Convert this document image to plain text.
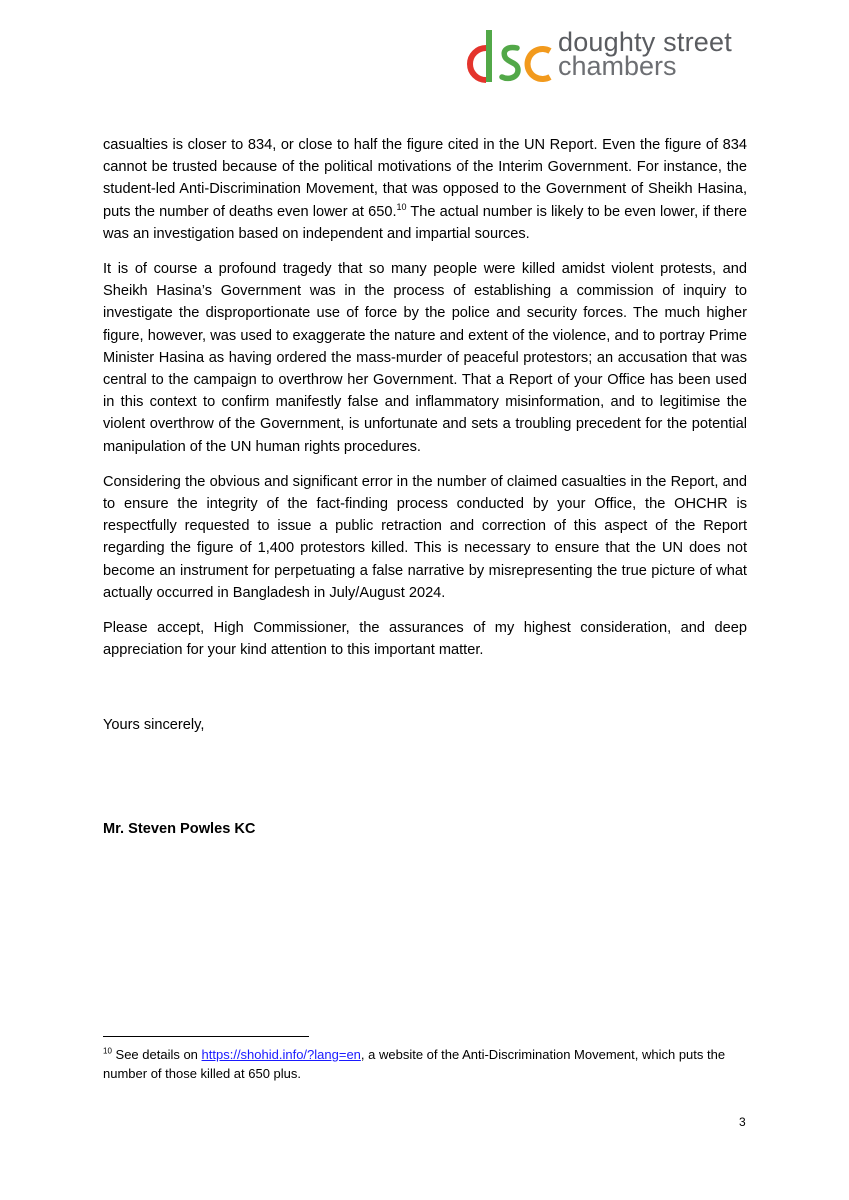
doughty street
chambers

casualties is closer to 834, or close to half the figure cited in the UN Report. Even the figure of 834 cannot be trusted because of the political motivations of the Interim Government. For instance, the student-led Anti-Discrimination Movement, that was opposed to the Government of Sheikh Hasina, puts the number of deaths even lower at 650.10 The actual number is likely to be even lower, if there was an investigation based on independent and impartial sources.

It is of course a profound tragedy that so many people were killed amidst violent protests, and Sheikh Hasina’s Government was in the process of establishing a commission of inquiry to investigate the disproportionate use of force by the police and security forces. The much higher figure, however, was used to exaggerate the nature and extent of the violence, and to portray Prime Minister Hasina as having ordered the mass-murder of peaceful protestors; an accusation that was central to the campaign to overthrow her Government. That a Report of your Office has been used in this context to confirm manifestly false and inflammatory misinformation, and to legitimise the violent overthrow of the Government, is unfortunate and sets a troubling precedent for the potential manipulation of the UN human rights procedures.

Considering the obvious and significant error in the number of claimed casualties in the Report, and to ensure the integrity of the fact-finding process conducted by your Office, the OHCHR is respectfully requested to issue a public retraction and correction of this aspect of the Report regarding the figure of 1,400 protestors killed. This is necessary to ensure that the UN does not become an instrument for perpetuating a false narrative by misrepresenting the true picture of what actually occurred in Bangladesh in July/August 2024.

Please accept, High Commissioner, the assurances of my highest consideration, and deep appreciation for your kind attention to this important matter.

Yours sincerely,
Mr. Steven Powles KC
$^{10}$ See details on https://shohid.info/?lang=en, a website of the Anti-Discrimination Movement, which puts the number of those killed at 650 plus.
3
